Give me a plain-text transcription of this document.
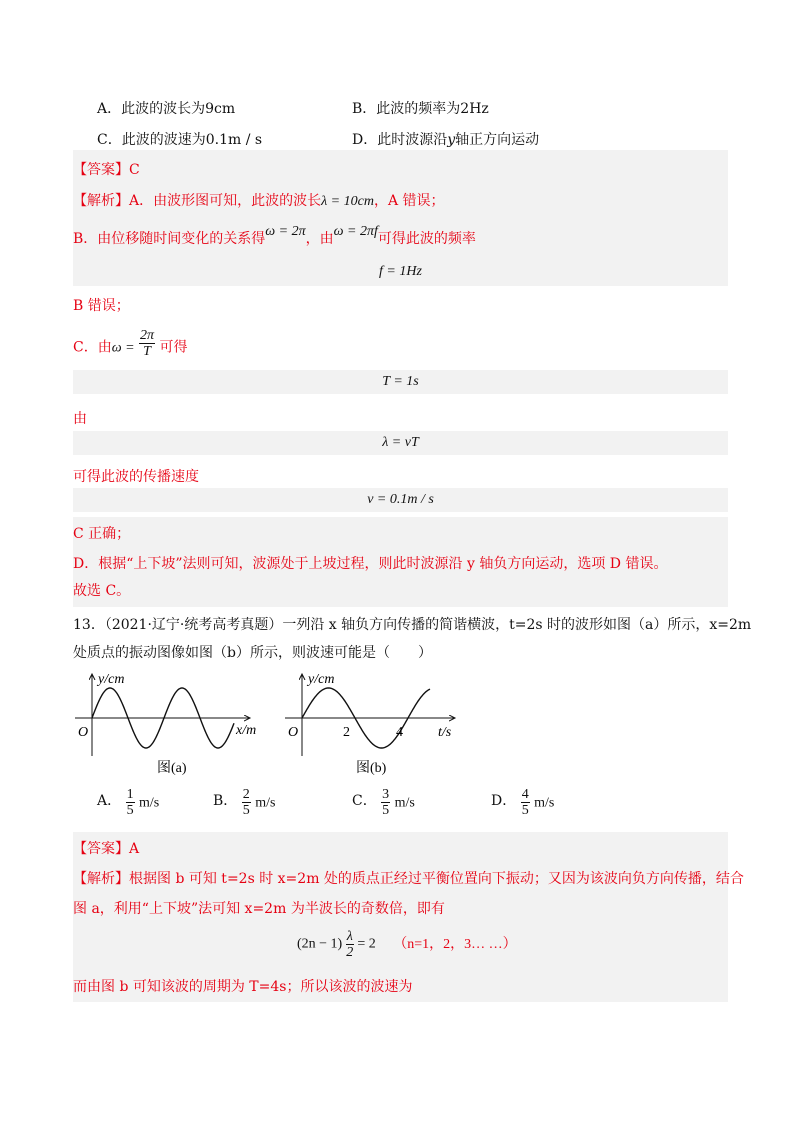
A．此波的波长为9cm	B．此波的频率为2Hz
C．此波的波速为0.1m / s	D．此时波源沿y轴正方向运动
【答案】C
【解析】A．由波形图可知，此波的波长λ = 10cm，A 错误；
B．由位移随时间变化的关系得ω = 2π，由ω = 2πf可得此波的频率
f = 1Hz
B 错误；
C．由$\omega = \frac{2\pi}{T}$ 可得
T = 1s
由
λ = vT
可得此波的传播速度
v = 0.1m / s
C 正确；
D．根据“上下坡”法则可知，波源处于上坡过程，则此时波源沿 y 轴负方向运动，选项 D 错误。
故选 C。
13．（2021·辽宁·统考高考真题）一列沿 x 轴负方向传播的简谐横波，t=2s 时的波形如图（a）所示，x=2m
处质点的振动图像如图（b）所示，则波速可能是（　　）
y/cm
O	x/m
图(a)
y/cm
O	2	4	t/s
图(b)
A． $\frac{1}{5} m/s$	B． $\frac{2}{5} m/s$	C． $\frac{3}{5} m/s$	D． $\frac{4}{5} m/s$
【答案】A
【解析】根据图 b 可知 t=2s 时 x=2m 处的质点正经过平衡位置向下振动；又因为该波向负方向传播，结合
图 a，利用“上下坡”法可知 x=2m 为半波长的奇数倍，即有
$(2n - 1) \frac{\lambda}{2} = 2$ （n=1，2，3… …）
而由图 b 可知该波的周期为 T=4s；所以该波的波速为
